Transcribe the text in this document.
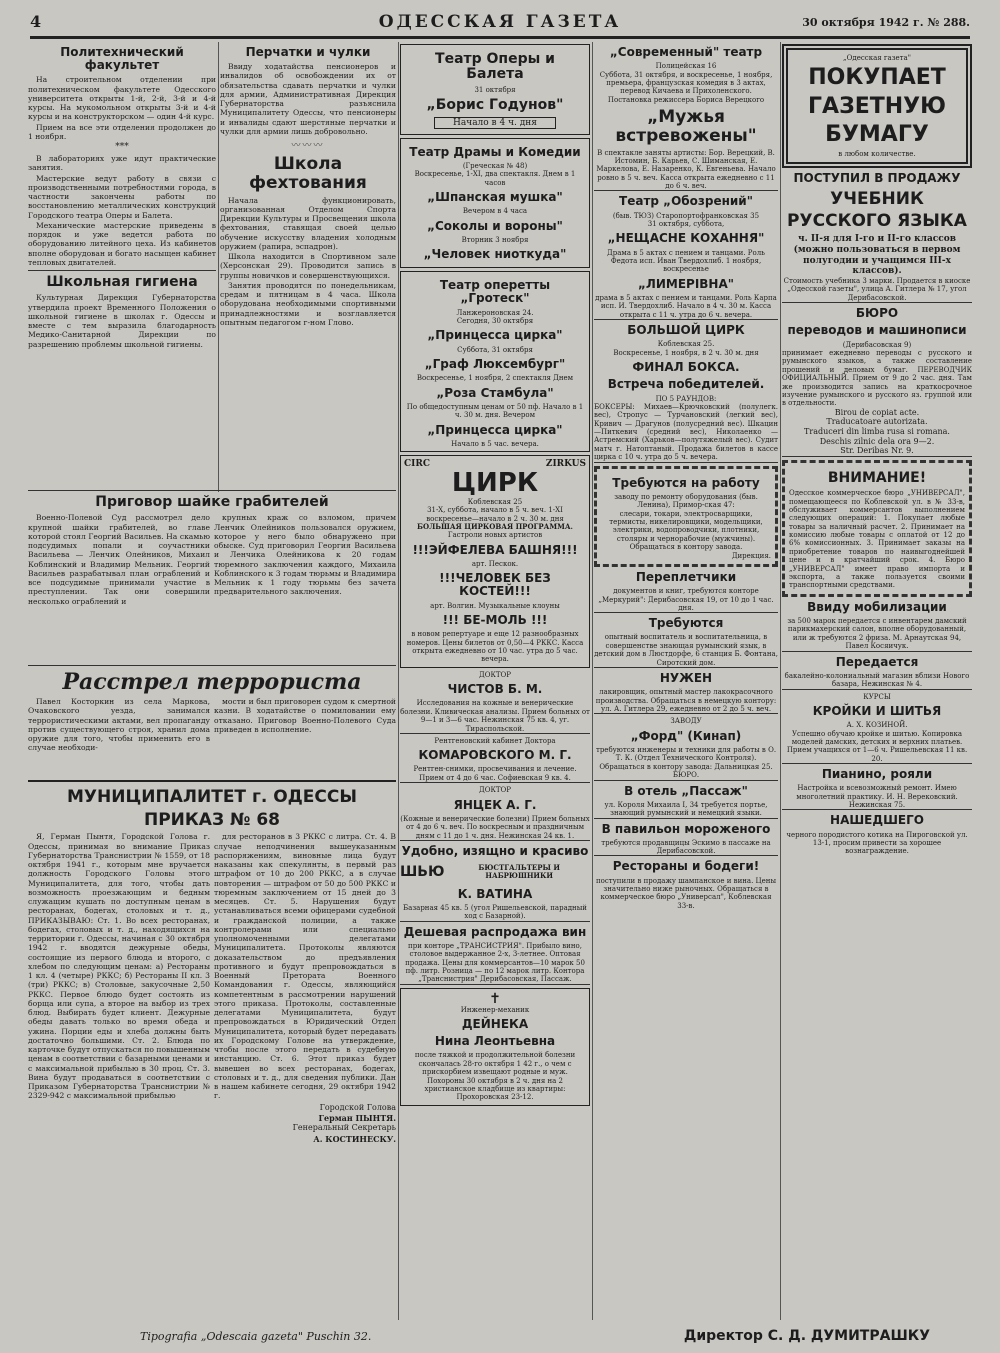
4	ОДЕССКАЯ ГАЗЕТА	30 октября 1942 г. № 288.
Политехнический факультет

На строительном отделении при политехническом факультете Одесского университета открыты 1-й, 2-й, 3-й и 4-й курсы. На мукомольном открыты 3-й и 4-й курсы и на конструкторском — один 4-й курс.

Прием на все эти отделения продолжен до 1 ноября.

***

В лабораториях уже идут практические занятия.

Мастерские ведут работу в связи с производственными потребностями города, в частности закончены работы по восстановлению металлических конструкций Городского театра Оперы и Балета.

Механические мастерские приведены в порядок и уже ведется работа по оборудованию литейного цеха. Из кабинетов вполне оборудован и богато насыщен кабинет тепловых двигателей.

Школьная гигиена

Культурная Дирекция Губернаторства утвердила проект Временного Положения о школьной гигиене в школах г. Одессы и вместе с тем выразила благодарность Медико-Санитарной Дирекции по разрешению проблемы школьной гигиены.

Перчатки и чулки

Ввиду ходатайства пенсионеров и инвалидов об освобождении их от обязательства сдавать перчатки и чулки для армии, Административная Дирекция Губернаторства разъяснила Муниципалитету Одессы, что пенсионеры и инвалиды сдают шерстяные перчатки и чулки для армии лишь добровольно.

〰〰〰
Школа фехтования

Начала функционировать, организованная Отделом Спорта Дирекции Культуры и Просвещения школа фехтования, ставящая своей целью обучение искусству владения холодным оружием (рапира, эспадрон).

Школа находится в Спортивном зале (Херсонская 29). Проводится запись в группы новичков и совершенствующихся.

Занятия проводятся по понедельникам, средам и пятницам в 4 часа. Школа оборудована необходимыми спортивными принадлежностями и возглавляется опытным педагогом г-ном Глово.

Приговор шайке грабителей

Военно-Полевой Суд рассмотрел дело крупной шайки грабителей, во главе которой стоял Георгий Васильев. На скамью подсудимых попали и соучастники Васильева — Ленчик Олейников, Михаил Коблинский и Владимир Мельник. Георгий Васильев разрабатывал план ограблений и все подсудимые принимали участие в преступлении. Так они совершили несколько ограблений и

крупных краж со взломом, причем Ленчик Олейников пользовался оружием, которое у него было обнаружено при обыске. Суд приговорил Георгия Васильева и Ленчика Олейникова к 20 годам тюремного заключения каждого, Михаила Коблинского к 3 годам тюрьмы и Владимира Мельник к 1 году тюрьмы без зачета предварительного заключения.

Расстрел террориста

Павел Косторкин из села Маркова, Очаковского уезда, занимался террористическими актами, вел пропаганду против существующего строя, хранил дома оружие для того, чтобы применить его в случае необходи-

мости и был приговорен судом к смертной казни. В ходатайстве о помиловании ему отказано. Приговор Военно-Полевого Суда приведен в исполнение.

МУНИЦИПАЛИТЕТ г. ОДЕССЫ
ПРИКАЗ № 68

Я, Герман Пынтя, Городской Голова г. Одессы, принимая во внимание Приказ Губернаторства Транснистрии № 1559, от 18 октября 1941 г., которым мне вручается должность Городского Головы этого Муниципалитета, для того, чтобы дать возможность проезжающим и бедным служащим кушать по доступным ценам в ресторанах, бодегах, столовых и т. д., ПРИКАЗЫВАЮ: Ст. 1. Во всех ресторанах, бодегах, столовых и т. д., находящихся на территории г. Одессы, начиная с 30 октября 1942 г. вводятся дежурные обеды, состоящие из первого блюда и второго, с хлебом по следующим ценам: а) Рестораны 1 кл. 4 (четыре) РККС; б) Рестораны II кл. 3 (три) РККС; в) Столовые, закусочные 2,50 РККС. Первое блюдо будет состоять из борща или супа, а второе на выбор из трех блюд. Выбирать будет клиент. Дежурные обеды давать только во время обеда и ужина. Порции еды и хлеба должны быть достаточно большими. Ст. 2. Блюда по карточке будут отпускаться по повышенным ценам в соответствии с базарными ценами и с максимальной прибылью в 30 проц. Ст. 3. Вина будут продаваться в соответствии с Приказом Губернаторства Транснистрии № 2329-942 с максимальной прибылью

для ресторанов в 3 РККС с литра. Ст. 4. В случае неподчинения вышеуказанным распоряжениям, виновные лица будут наказаны как спекулянты, в первый раз штрафом от 10 до 200 РККС, а в случае повторения — штрафом от 50 до 500 РККС и тюремным заключением от 15 дней до 3 месяцев. Ст. 5. Нарушения будут устанавливаться всеми офицерами судебной и гражданской полиции, а также контролерами или специально уполномоченными делегатами Муниципалитета. Протоколы являются доказательством до предъявления противного и будут препровождаться в Военный Претората Военного Командования г. Одессы, являющийся компетентным в рассмотрении нарушений этого приказа. Протоколы, составленные делегатами Муниципалитета, будут препровождаться в Юридический Отдел Муниципалитета, который будет передавать их Городскому Голове на утверждение, чтобы после этого передать в судебную инстанцию. Ст. 6. Этот приказ будет вывешен во всех ресторанах, бодегах, столовых и т. д., для сведения публики. Дан в нашем кабинете сегодня, 29 октября 1942 г.

Городской Голова
Герман ПЫНТЯ.
Генеральный Секретарь
А. КОСТИНЕСКУ.
Театр Оперы и Балета
31 октября
„Борис Годунов"
Начало в 4 ч. дня
Театр Драмы и Комедии
(Греческая № 48)
Воскресенье, 1-XI, два спектакля. Днем в 1 часов
„Шпанская мушка"
Вечером в 4 часа
„Соколы и вороны"
Вторник 3 ноября
„Человек ниоткуда"
Театр оперетты „Гротеск"
Ланжероновская 24.
Сегодня, 30 октября
„Принцесса цирка"
Суббота, 31 октября
„Граф Люксембург"
Воскресенье, 1 ноября, 2 спектакля Днем
„Роза Стамбула"
По общедоступным ценам от 50 пф. Начало в 1 ч. 30 м. дня. Вечером
„Принцесса цирка"
Начало в 5 час. вечера.
CIRC	ZIRKUS
ЦИРК
Коблевская 25
31-X, суббота, начало в 5 ч. веч. 1-XI воскресенье—начало в 2 ч. 30 м. дня
БОЛЬШАЯ ЦИРКОВАЯ ПРОГРАММА.
Гастроли новых артистов
!!!ЭЙФЕЛЕВА БАШНЯ!!!
арт. Пескок.
!!!ЧЕЛОВЕК БЕЗ КОСТЕЙ!!!
арт. Волгин. Музыкальные клоуны
!!! БЕ-МОЛЬ !!!
в новом репертуаре и еще 12 разнообразных номеров. Цены билетов от 0,50—4 РККС. Касса открыта ежедневно от 10 час. утра до 5 час. вечера.
ДОКТОР
ЧИСТОВ Б. М.
Исследования на кожные и венерические болезни. Кливическая анализы. Прием больных от 9—1 и 3—6 час. Нежинская 75 кв. 4, уг. Тираспольской.
Рентгеновский кабинет Доктора
КОМАРОВСКОГО М. Г.
Рентген-снимки, просвечивания и лечение. Прием от 4 до 6 час. Софиевская 9 кв. 4.
ДОКТОР
ЯНЦЕК А. Г.
(Кожные и венерические болезни) Прием больных от 4 до 6 ч. веч. По воскресным и праздничным дням с 11 до 1 ч. дня. Нежинская 24 кв. 1.
Удобно, изящно и красиво
ШЬЮ	БЮСТГАЛЬТЕРЫ И НАБРЮШНИКИ
К. ВАТИНА
Базарная 45 кв. 5 (угол Ришельевской, парадный ход с Базарной).
Дешевая распродажа вин
при конторе „ТРАНСИСТРИЯ". Прибыло вино, столовое выдержанное 2-х, 3-летнее. Оптовая продажа. Цены для коммерсантов—10 марок 50 пф. литр. Розница — по 12 марок литр. Контора „Транснистрия" Дерибасовская, Пассаж.
✝
Инженер-механик
ДЕЙНЕКА
Нина Леонтьевна
после тяжкой и продолжительной болезни скончалась 28-го октября 1 42 г., о чем с прискорбием извещают родные и муж. Похороны 30 октября в 2 ч. дня на 2 христианское кладбище из квартиры: Прохоровская 23-12.
„Современный" театр
Полицейская 16
Суббота, 31 октября, и воскресенье, 1 ноября, премьера, французская комедия в 3 актах, перевод Кичаева и Прихоленского.
Постановка режиссера Бориса Верецкого
„Мужья встревожены"
В спектакле заняты артисты: Бор. Верецкий, В. Истомин, Б. Карьев, С. Шиманская, Е. Маркелова, Е. Назаренко, К. Евгеньева. Начало ровно в 5 ч. веч. Касса открыта ежедневно с 11 до 6 ч. веч.
Театр „Обозрений"
(быв. ТЮЗ) Старопортофранковская 35
31 октября, суббота,
„НЕЩАСНЕ КОХАННЯ"
Драма в 5 актах с пением и танцами. Роль Федота исп. Иван Твердохлиб. 1 ноября, воскресенье
„ЛИМЕРІВНА"
драма в 5 актах с пением и танцами. Роль Карпа исп. И. Твердохлиб. Начало в 4 ч. 30 м. Касса открыта с 11 ч. утра до 6 ч. вечера.
БОЛЬШОЙ ЦИРК
Коблевская 25.
Воскресенье, 1 ноября, в 2 ч. 30 м. дня
ФИНАЛ БОКСА.
Встреча победителей.
ПО 5 РАУНДОВ:
БОКСЕРЫ: Михаев—Крючковский (полулегк. вес), Стропус — Турчановский (легкий вес), Кривич — Драгунов (полусредний вес). Шкацин—Питкевич (средний вес), Николаенко — Астремский (Харьков—полутяжелый вес). Судит матч г. Натоптаный. Продажа билетов в кассе цирка с 10 ч. утра до 5 ч. вечера.
Требуются на работу
заводу по ремонту оборудования (быв. Ленина), Примор-ская 47:
слесари, токари, электросварщики, термисты, никелировщики, модельщики, электрики, водопроводчики, плотники, столяры и чернорабочие (мужчины).
Обращаться в контору завода.
Дирекция.
Переплетчики
документов и книг, требуются конторе „Меркурий": Дерибасовская 19, от 10 до 1 час. дня.
Требуются
опытный воспитатель и воспитательница, в совершенстве знающая румынский язык, в детский дом в Люстдорфе, 6 станция Б. Фонтана, Сиротский дом.
НУЖЕН
лакировщик, опытный мастер лакокрасочного производства. Обращаться в немецкую контору: ул. А. Гитлера 29, ежедневно от 2 до 5 ч. веч.
ЗАВОДУ
„Форд" (Кинап)
требуются инженеры и техники для работы в О. Т. К. (Отдел Технического Контроля). Обращаться в контору завода: Дальницкая 25. БЮРО.
В отель „Пассаж"
ул. Короля Михаила I, 34 требуется портье, знающий румынский и немецкий языки.
В павильон мороженого
требуются продавщицы Эскимо в пассаже на Дерибасовской.
Рестораны и бодеги!
поступили в продажу шампанское и вина. Цены значительно ниже рыночных. Обращаться в коммерческое бюро „Универсал", Коблевская 33-в.
„Одесская газета"
ПОКУПАЕТ
ГАЗЕТНУЮ
БУМАГУ
в любом количестве.
ПОСТУПИЛ В ПРОДАЖУ
УЧЕБНИК
РУССКОГО ЯЗЫКА
ч. II-я для I-го и II-го классов (можно пользоваться в первом полугодии и учащимся III-х классов).
Стоимость учебника 3 марки. Продается в киоске „Одесской газеты", улица А. Гитлера № 17, угол Дерибасовской.
БЮРО
переводов и машинописи
(Дерибасовская 9)
принимает ежедневно переводы с русского и румынского языков, а также составление прошений и деловых бумаг. ПЕРЕВОДЧИК ОФИЦИАЛЬНЫЙ. Прием от 9 до 2 час. дня. Там же производится запись на краткосрочное изучение румынского и русского яз. группой или в отдельности.
Birou de copiat acte.
Traducatoare autorizata.
Traduceri din limba rusa si romana.
Deschis zilnic dela ora 9—2.
Str. Deribas Nr. 9.
ВНИМАНИЕ!
Одесское коммерческое бюро „УНИВЕРСАЛ", помещающееся по Коблевской ул. в № 33-в, обслуживает коммерсантов выполнением следующих операций: 1. Покупает любые товары за наличный расчет. 2. Принимает на комиссию любые товары с оплатой от 12 до 6% комиссионных. 3. Принимает заказы на приобретение товаров по наивыгоднейшей цене и в кратчайший срок. 4. Бюро „УНИВЕРСАЛ" имеет право импорта и экспорта, а также пользуется своими транспортными средствами.
Ввиду мобилизации
за 500 марок передается с инвентарем дамский парикмахерский салон, вполне оборудованный, или ж требуются 2 фриза. М. Арнаутская 94, Павел Косяичук.
Передается
бакалейно-колониальный магазин вблизи Нового базара, Нежинская № 4.
КУРСЫ
КРОЙКИ И ШИТЬЯ
А. Х. КОЗИНОЙ.
Успешно обучаю кройке и шитью. Копировка моделей дамских, детских и верхних платьев. Прием учащихся от 1—6 ч. Ришельевская 11 кв. 20.
Пианино, рояли
Настройка и всевозможный ремонт. Имею многолетний практику. И. Н. Верековский. Нежинская 75.
НАШЕДШЕГО
черного породистого котика на Пироговской ул. 13-1, просим привести за хорошее вознаграждение.
Tipografia „Odescaia gazeta" Puschin 32.	Директор С. Д. ДУМИТРАШКУ
